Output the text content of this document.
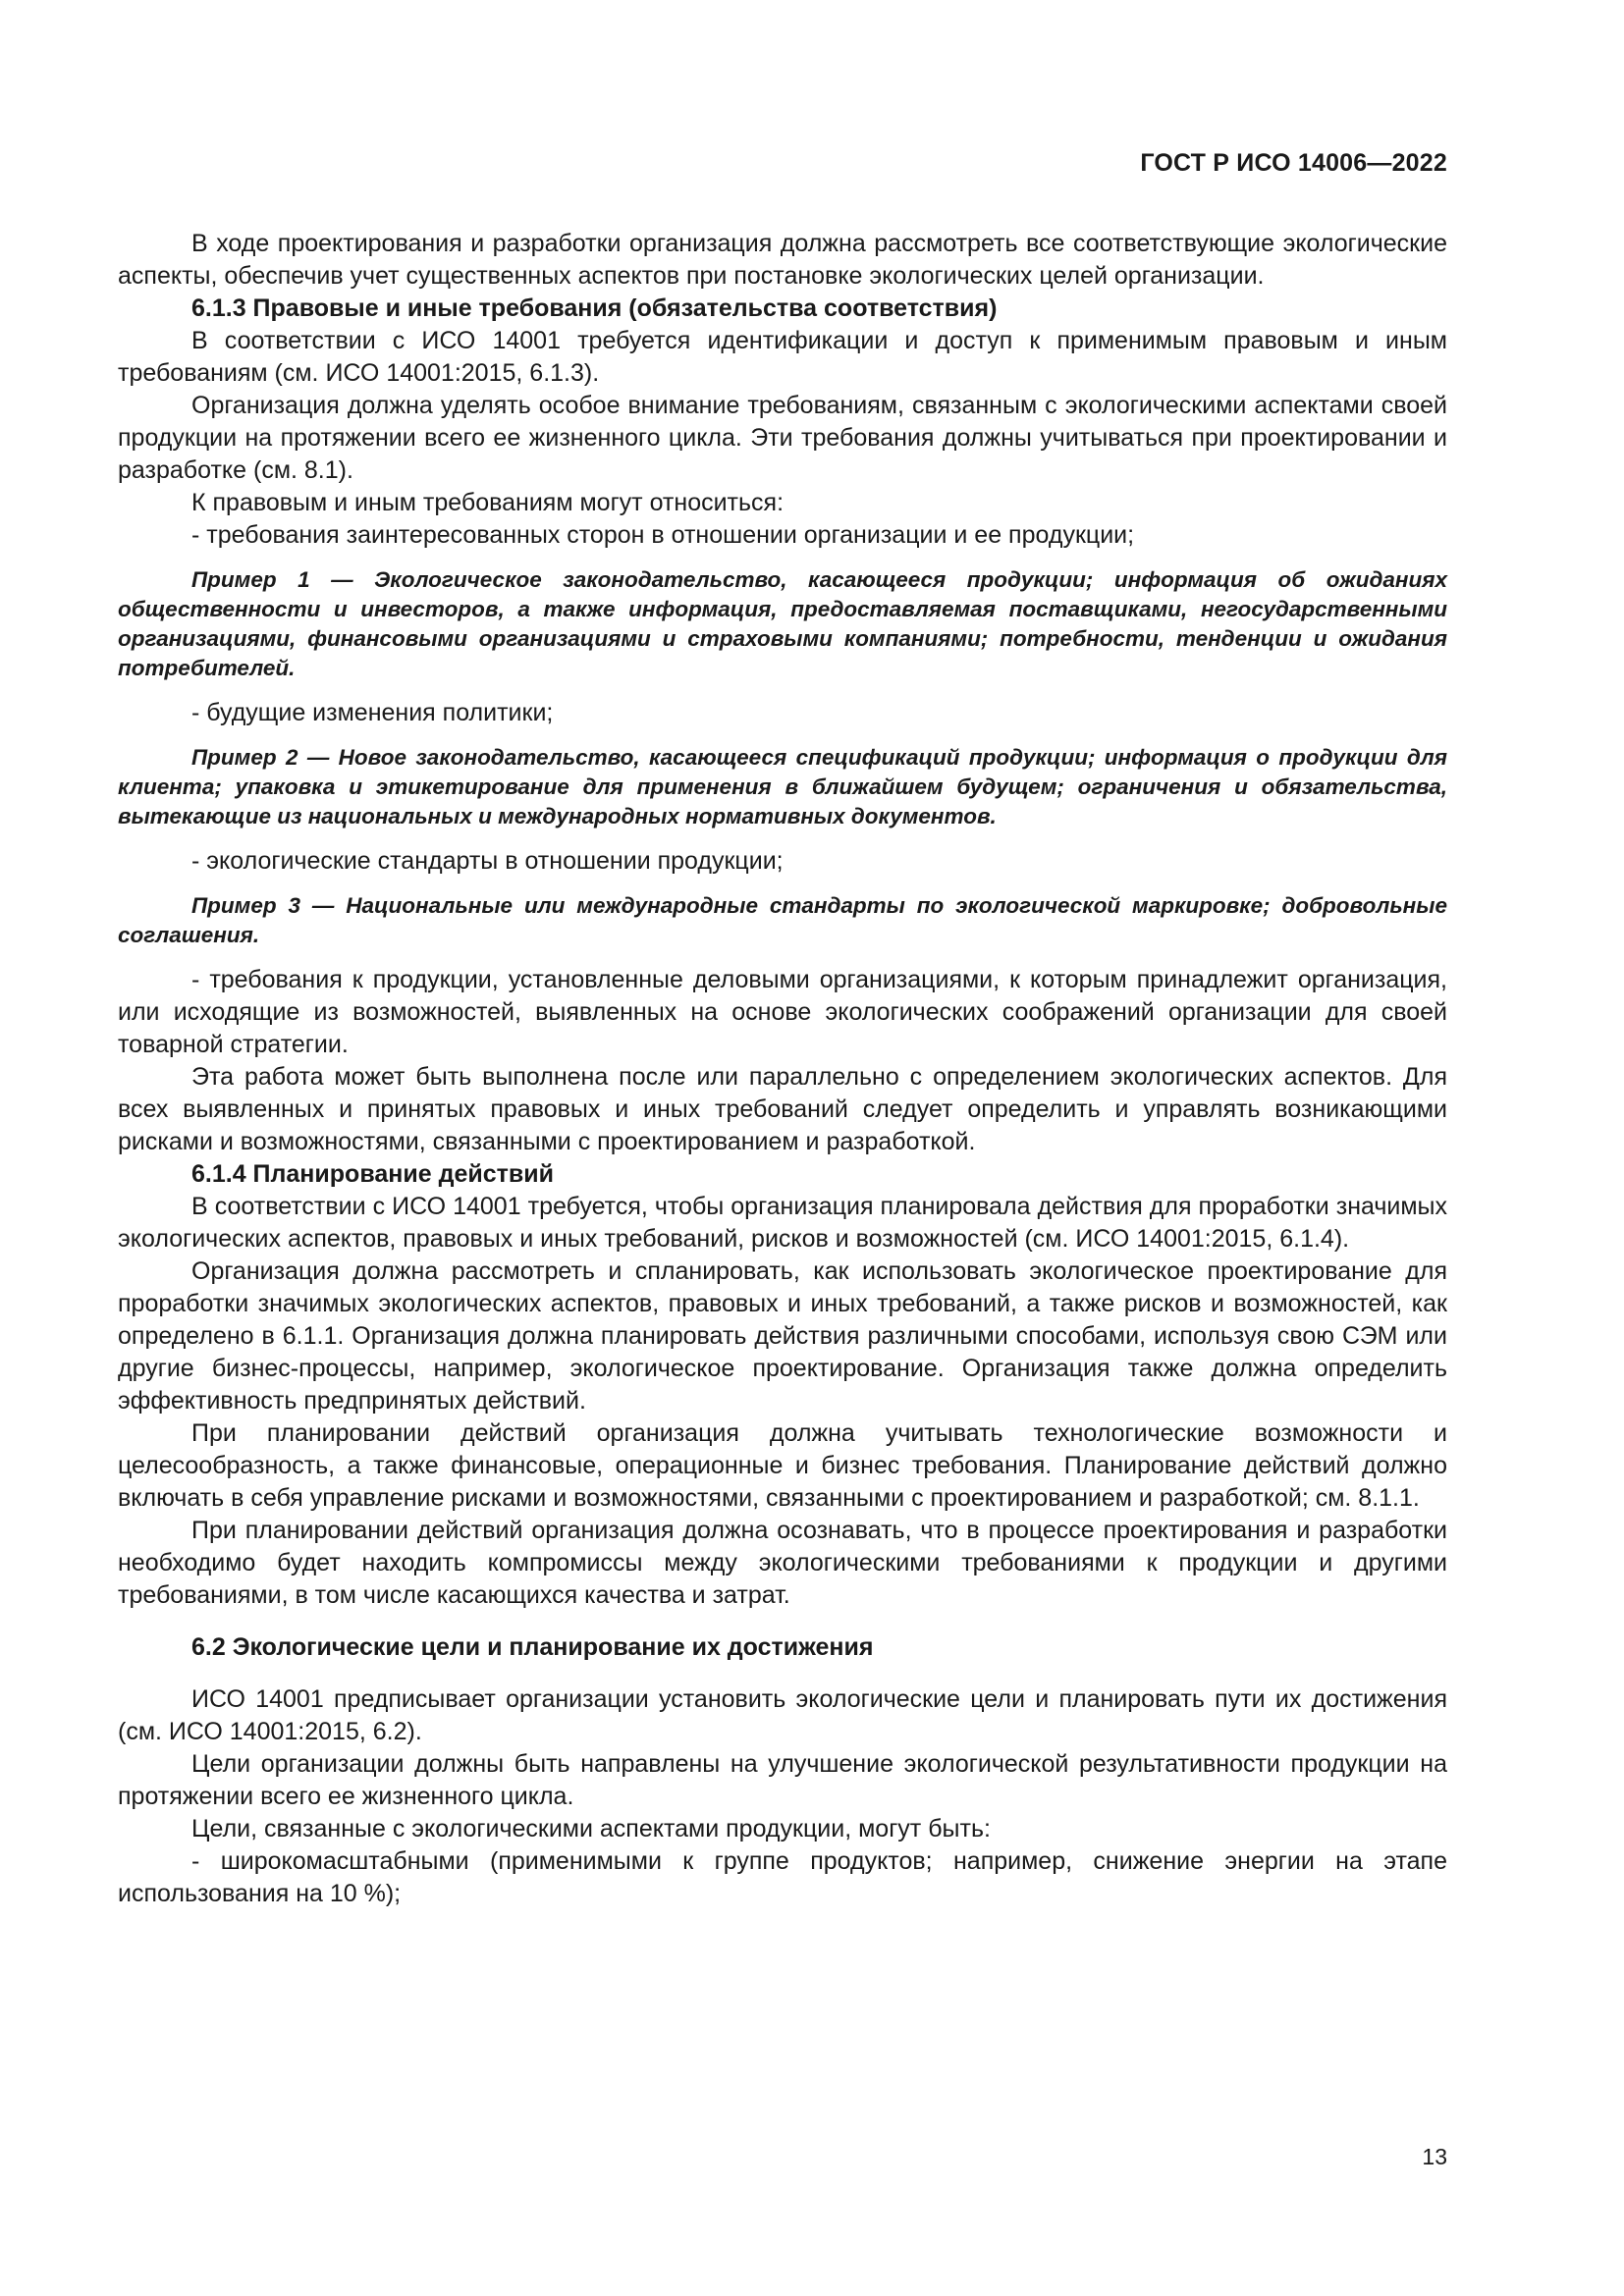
ГОСТ Р ИСО 14006—2022

В ходе проектирования и разработки организация должна рассмотреть все соответствующие экологические аспекты, обеспечив учет существенных аспектов при постановке экологических целей организации.

6.1.3 Правовые и иные требования (обязательства соответствия)

В соответствии с ИСО 14001 требуется идентификации и доступ к применимым правовым и иным требованиям (см. ИСО 14001:2015, 6.1.3).

Организация должна уделять особое внимание требованиям, связанным с экологическими аспектами своей продукции на протяжении всего ее жизненного цикла. Эти требования должны учитываться при проектировании и разработке (см. 8.1).

К правовым и иным требованиям могут относиться:

- требования заинтересованных сторон в отношении организации и ее продукции;

Пример 1 — Экологическое законодательство, касающееся продукции; информация об ожиданиях общественности и инвесторов, а также информация, предоставляемая поставщиками, негосударственными организациями, финансовыми организациями и страховыми компаниями; потребности, тенденции и ожидания потребителей.

- будущие изменения политики;

Пример 2 — Новое законодательство, касающееся спецификаций продукции; информация о продукции для клиента; упаковка и этикетирование для применения в ближайшем будущем; ограничения и обязательства, вытекающие из национальных и международных нормативных документов.

- экологические стандарты в отношении продукции;

Пример 3 — Национальные или международные стандарты по экологической маркировке; добровольные соглашения.

- требования к продукции, установленные деловыми организациями, к которым принадлежит организация, или исходящие из возможностей, выявленных на основе экологических соображений организации для своей товарной стратегии.

Эта работа может быть выполнена после или параллельно с определением экологических аспектов. Для всех выявленных и принятых правовых и иных требований следует определить и управлять возникающими рисками и возможностями, связанными с проектированием и разработкой.

6.1.4 Планирование действий

В соответствии с ИСО 14001 требуется, чтобы организация планировала действия для проработки значимых экологических аспектов, правовых и иных требований, рисков и возможностей (см. ИСО 14001:2015, 6.1.4).

Организация должна рассмотреть и спланировать, как использовать экологическое проектирование для проработки значимых экологических аспектов, правовых и иных требований, а также рисков и возможностей, как определено в 6.1.1. Организация должна планировать действия различными способами, используя свою СЭМ или другие бизнес-процессы, например, экологическое проектирование. Организация также должна определить эффективность предпринятых действий.

При планировании действий организация должна учитывать технологические возможности и целесообразность, а также финансовые, операционные и бизнес требования. Планирование действий должно включать в себя управление рисками и возможностями, связанными с проектированием и разработкой; см. 8.1.1.

При планировании действий организация должна осознавать, что в процессе проектирования и разработки необходимо будет находить компромиссы между экологическими требованиями к продукции и другими требованиями, в том числе касающихся качества и затрат.

6.2 Экологические цели и планирование их достижения

ИСО 14001 предписывает организации установить экологические цели и планировать пути их достижения (см. ИСО 14001:2015, 6.2).

Цели организации должны быть направлены на улучшение экологической результативности продукции на протяжении всего ее жизненного цикла.

Цели, связанные с экологическими аспектами продукции, могут быть:

- широкомасштабными (применимыми к группе продуктов; например, снижение энергии на этапе использования на 10 %);

13
